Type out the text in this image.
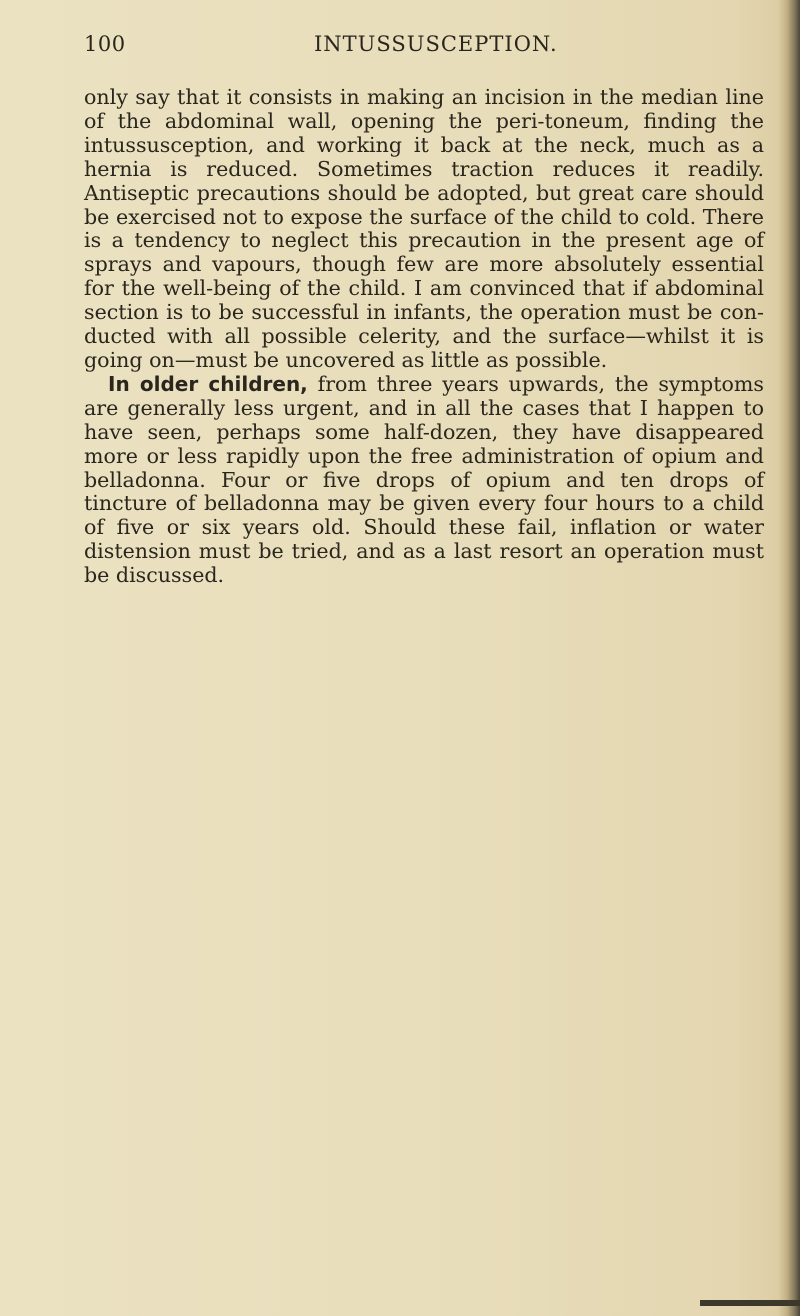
100	INTUSSUSCEPTION.

only say that it consists in making an incision in the median line of the abdominal wall, opening the peri-toneum, finding the intussusception, and working it back at the neck, much as a hernia is reduced. Sometimes traction reduces it readily. Antiseptic precautions should be adopted, but great care should be exercised not to expose the surface of the child to cold. There is a tendency to neglect this precaution in the present age of sprays and vapours, though few are more absolutely essential for the well-being of the child. I am convinced that if abdominal section is to be successful in infants, the operation must be con-ducted with all possible celerity, and the surface—whilst it is going on—must be uncovered as little as possible.

In older children, from three years upwards, the symptoms are generally less urgent, and in all the cases that I happen to have seen, perhaps some half-dozen, they have disappeared more or less rapidly upon the free administration of opium and belladonna. Four or five drops of opium and ten drops of tincture of belladonna may be given every four hours to a child of five or six years old. Should these fail, inflation or water distension must be tried, and as a last resort an operation must be discussed.
